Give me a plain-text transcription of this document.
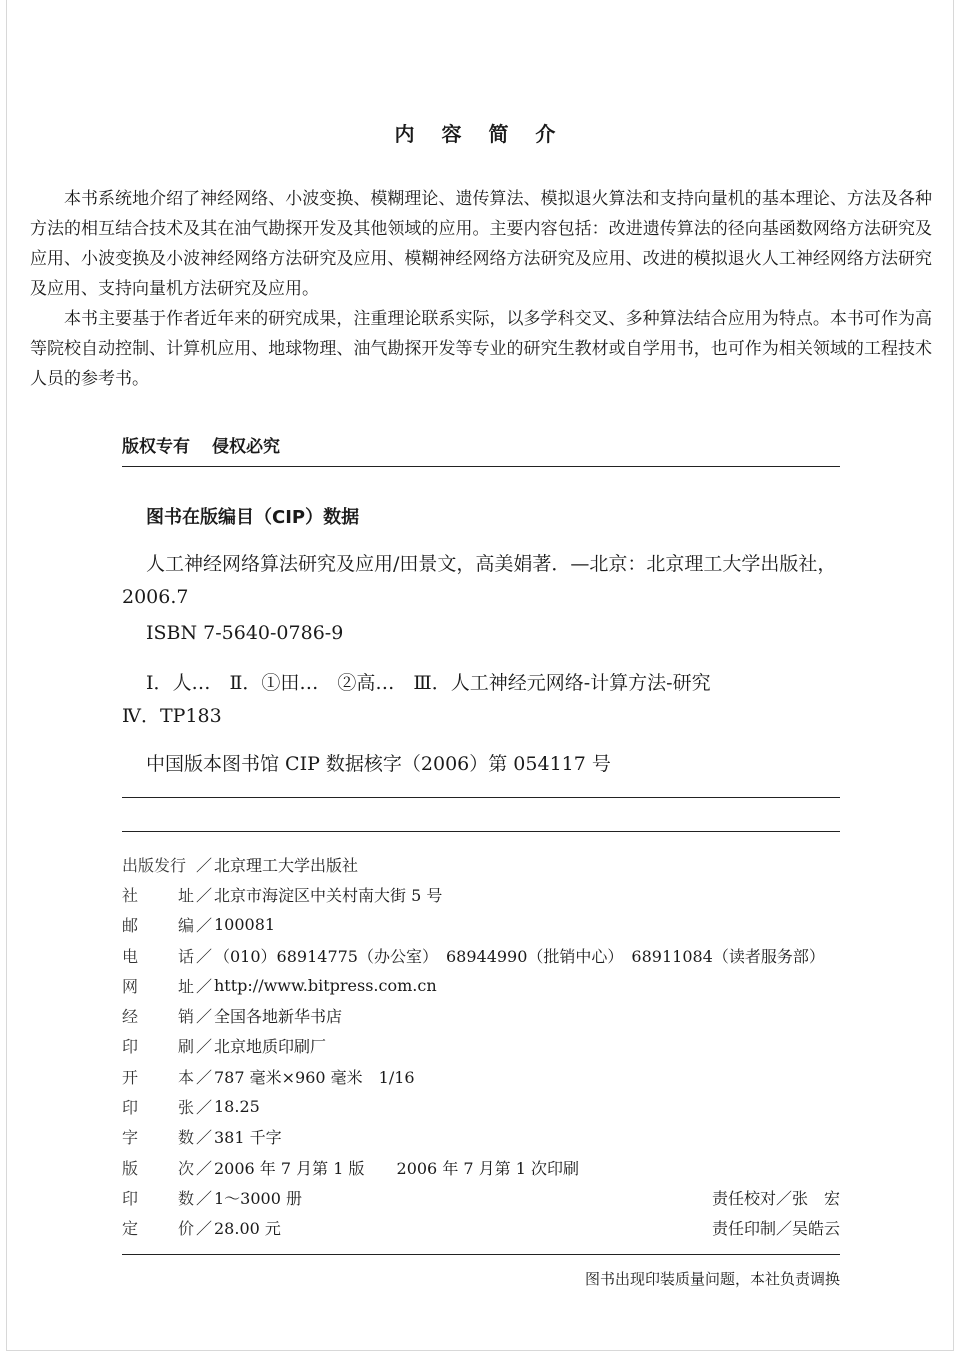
内 容 简 介

本书系统地介绍了神经网络、小波变换、模糊理论、遗传算法、模拟退火算法和支持向量机的基本理论、方法及各种方法的相互结合技术及其在油气勘探开发及其他领域的应用。主要内容包括：改进遗传算法的径向基函数网络方法研究及应用、小波变换及小波神经网络方法研究及应用、模糊神经网络方法研究及应用、改进的模拟退火人工神经网络方法研究及应用、支持向量机方法研究及应用。

本书主要基于作者近年来的研究成果，注重理论联系实际，以多学科交叉、多种算法结合应用为特点。本书可作为高等院校自动控制、计算机应用、地球物理、油气勘探开发等专业的研究生教材或自学用书，也可作为相关领域的工程技术人员的参考书。

版权专有 侵权必究
图书在版编目（CIP）数据

人工神经网络算法研究及应用/田景文，高美娟著．—北京：北京理工大学出版社，2006.7

ISBN 7-5640-0786-9

Ⅰ．人…　Ⅱ．①田…　②高…　Ⅲ．人工神经元网络-计算方法-研究

Ⅳ．TP183

中国版本图书馆 CIP 数据核字（2006）第 054117 号

出版发行 ／ 北京理工大学出版社
社 址 ／ 北京市海淀区中关村南大街 5 号
邮 编 ／ 100081
电 话 ／ （010）68914775（办公室）　68944990（批销中心）　68911084（读者服务部）
网 址 ／ http://www.bitpress.com.cn
经 销 ／ 全国各地新华书店
印 刷 ／ 北京地质印刷厂
开 本 ／ 787 毫米×960 毫米　1/16
印 张 ／ 18.25
字 数 ／ 381 千字
版 次 ／ 2006 年 7 月第 1 版　　2006 年 7 月第 1 次印刷
印 数 ／ 1～3000 册	责任校对／张　宏
定 价 ／ 28.00 元	责任印制／吴皓云
图书出现印装质量问题，本社负责调换
